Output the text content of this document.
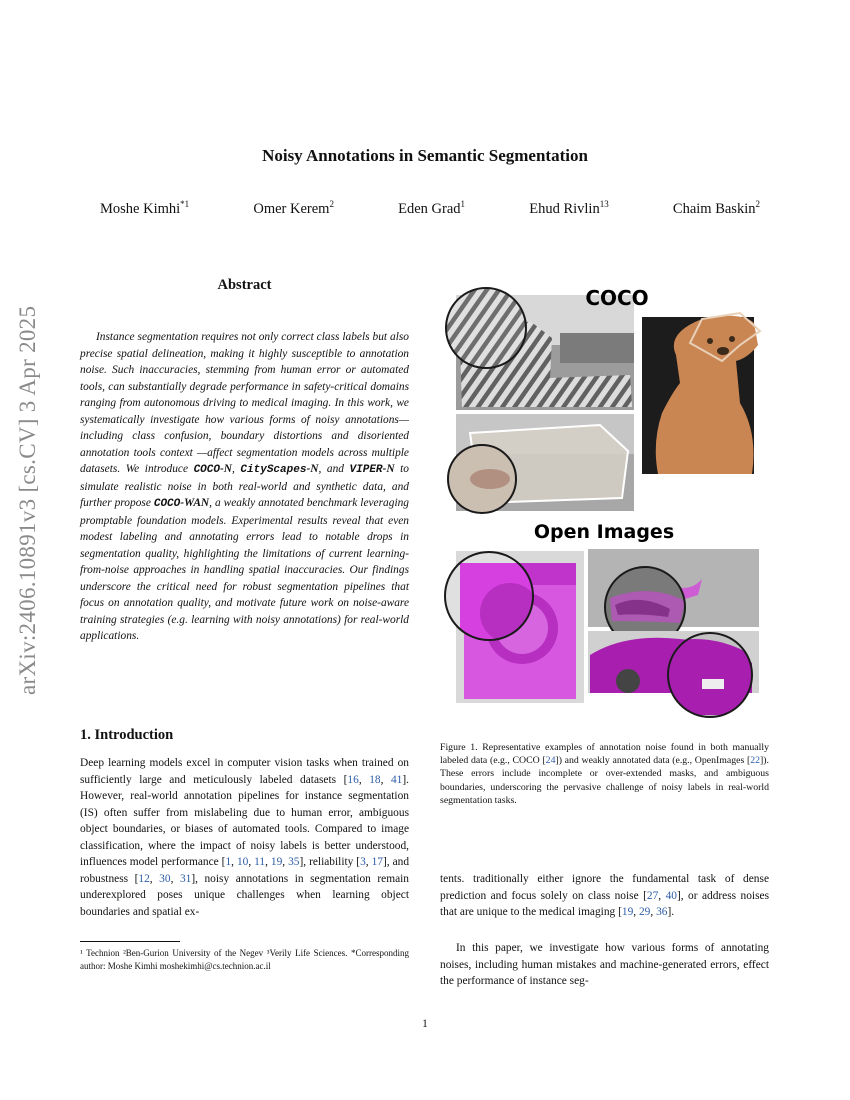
arXiv:2406.10891v3 [cs.CV] 3 Apr 2025
Noisy Annotations in Semantic Segmentation
Moshe Kimhi$^{*1}$	Omer Kerem$^2$	Eden Grad$^1$	Ehud Rivlin$^{13}$	Chaim Baskin$^2$
Abstract

Instance segmentation requires not only correct class labels but also precise spatial delineation, making it highly susceptible to annotation noise. Such inaccuracies, stemming from human error or automated tools, can substantially degrade performance in safety-critical domains ranging from autonomous driving to medical imaging. In this work, we systematically investigate how various forms of noisy annotations—including class confusion, boundary distortions and disoriented annotation tools context —affect segmentation models across multiple datasets. We introduce COCO-N, CityScapes-N, and VIPER-N to simulate realistic noise in both real-world and synthetic data, and further propose COCO-WAN, a weakly annotated benchmark leveraging promptable foundation models. Experimental results reveal that even modest labeling and annotating errors lead to notable drops in segmentation quality, highlighting the limitations of current learning-from-noise approaches in handling spatial inaccuracies. Our findings underscore the critical need for robust segmentation pipelines that focus on annotation quality, and motivate future work on noise-aware training strategies (e.g. learning with noisy annotations) for real-world applications.

1. Introduction

Deep learning models excel in computer vision tasks when trained on sufficiently large and meticulously labeled datasets [16, 18, 41]. However, real-world annotation pipelines for instance segmentation (IS) often suffer from mislabeling due to human error, ambiguous object boundaries, or biases of automated tools. Compared to image classification, where the impact of noisy labels is better understood, influences model performance [1, 10, 11, 19, 35], reliability [3, 17], and robustness [12, 30, 31], noisy annotations in segmentation remain underexplored poses unique challenges when learning object boundaries and spatial ex-

¹ Technion ²Ben-Gurion University of the Negev ³Verily Life Sciences. *Corresponding author: Moshe Kimhi moshekimhi@cs.technion.ac.il

COCO
Open Images

Figure 1. Representative examples of annotation noise found in both manually labeled data (e.g., COCO [24]) and weakly annotated data (e.g., OpenImages [22]). These errors include incomplete or over-extended masks, and ambiguous boundaries, underscoring the pervasive challenge of noisy labels in real-world segmentation tasks.

tents. traditionally either ignore the fundamental task of dense prediction and focus solely on class noise [27, 40], or address noises that are unique to the medical imaging [19, 29, 36].

In this paper, we investigate how various forms of annotating noises, including human mistakes and machine-generated errors, effect the performance of instance seg-

1
